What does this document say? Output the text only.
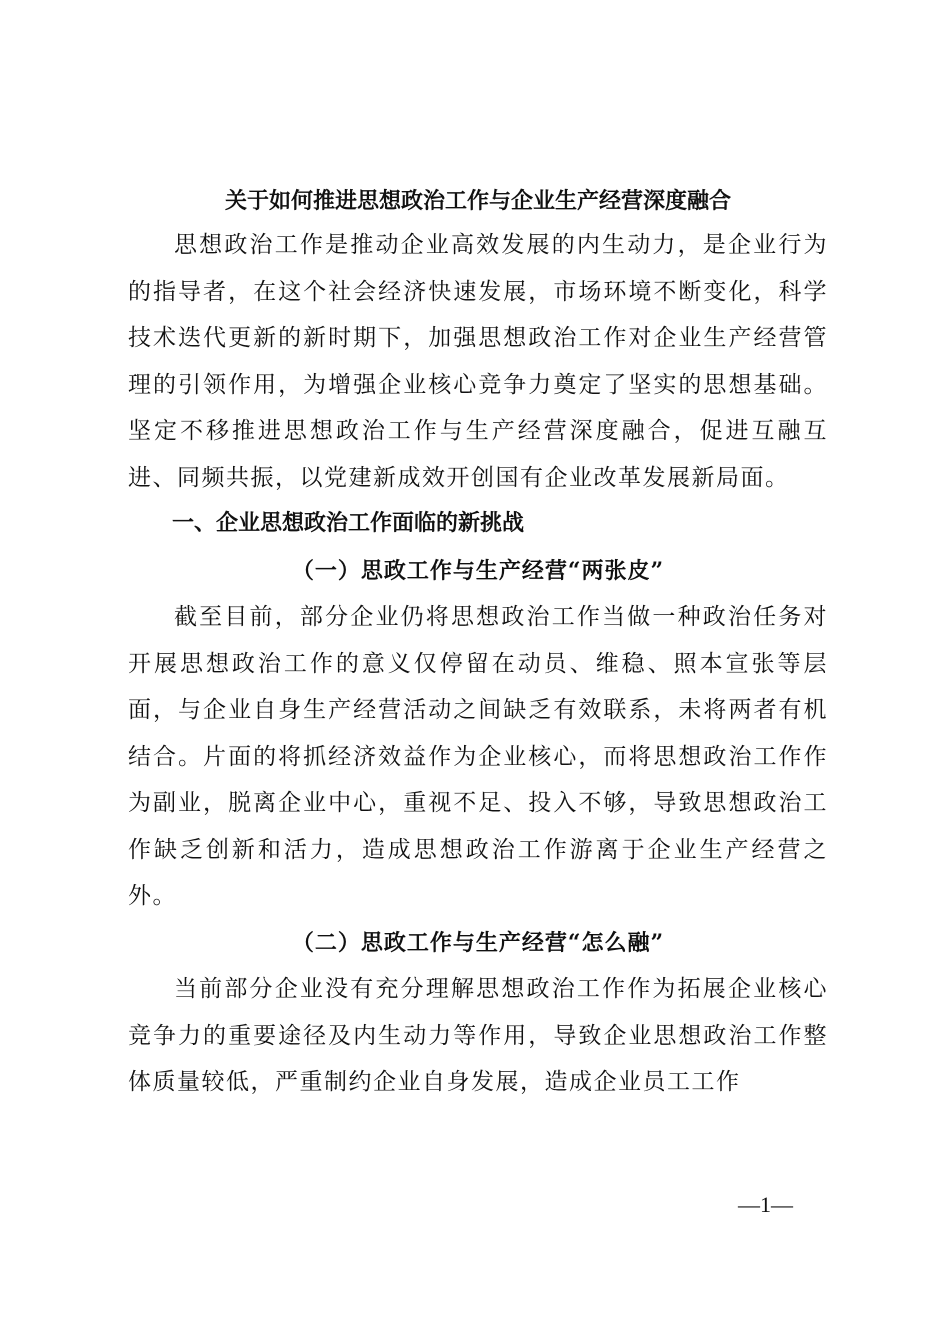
关于如何推进思想政治工作与企业生产经营深度融合

思想政治工作是推动企业高效发展的内生动力，是企业行为的指导者，在这个社会经济快速发展，市场环境不断变化，科学技术迭代更新的新时期下，加强思想政治工作对企业生产经营管理的引领作用，为增强企业核心竞争力奠定了坚实的思想基础。坚定不移推进思想政治工作与生产经营深度融合，促进互融互进、同频共振，以党建新成效开创国有企业改革发展新局面。

一、企业思想政治工作面临的新挑战
（一）思政工作与生产经营“两张皮”

截至目前，部分企业仍将思想政治工作当做一种政治任务对开展思想政治工作的意义仅停留在动员、维稳、照本宣张等层面，与企业自身生产经营活动之间缺乏有效联系，未将两者有机结合。片面的将抓经济效益作为企业核心，而将思想政治工作作为副业，脱离企业中心，重视不足、投入不够，导致思想政治工作缺乏创新和活力，造成思想政治工作游离于企业生产经营之外。

（二）思政工作与生产经营“怎么融”

当前部分企业没有充分理解思想政治工作作为拓展企业核心竞争力的重要途径及内生动力等作用，导致企业思想政治工作整体质量较低，严重制约企业自身发展，造成企业员工工作

—1—
